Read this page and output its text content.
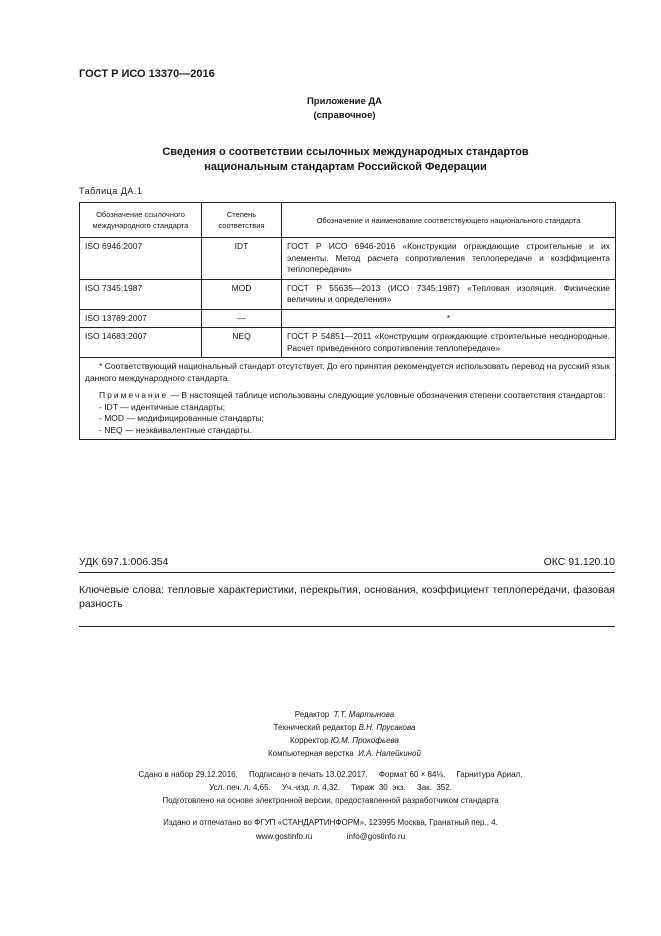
ГОСТ Р ИСО 13370—2016
Приложение ДА
(справочное)
Сведения о соответствии ссылочных международных стандартов
национальным стандартам Российской Федерации
Таблица ДА.1
Обозначение ссылочного международного стандарта	Степень соответствия	Обозначение и наименование соответствующего национального стандарта
ISO 6946:2007	IDT	ГОСТ Р ИСО 6946-2016 «Конструкции ограждающие строительные и их элементы. Метод расчета сопротивления теплопередаче и коэффициента теплопередачи»
ISO 7345:1987	MOD	ГОСТ Р 55635—2013 (ИСО 7345:1987) «Тепловая изоляция. Физические величины и определения»
ISO 13789:2007	—	*
ISO 14683:2007	NEQ	ГОСТ Р 54851—2011 «Конструкции ограждающие строительные неоднородные. Расчет приведенного сопротивления теплопередаче»

* Соответствующий национальный стандарт отсутствует. До его принятия рекомендуется использовать перевод на русский язык данного международного стандарта.

Примечание — В настоящей таблице использованы следующие условные обозначения степени соответствия стандартов:

- IDT — идентичные стандарты;

- MOD — модифицированные стандарты;

- NEQ — неэквивалентные стандарты.		

УДК 697.1:006.354	ОКС 91.120.10
Ключевые слова: тепловые характеристики, перекрытия, основания, коэффициент теплопередачи, фазовая разность
Редактор Т.Т. Мартынова
Технический редактор В.Н. Прусакова
Корректор Ю.М. Прокофьева
Компьютерная верстка И.А. Налейкиной
Сдано в набор 29.12.2016.     Подписано в печать 13.02.2017.     Формат 60 × 84⅛.     Гарнитура Ариал.
Усл. печ. л. 4,65.     Уч.-изд. л. 4,32.     Тираж  30  экз.     Зак.  352.
Подготовлено на основе электронной версии, предоставленной разработчиком стандарта
Издано и отпечатано во ФГУП «СТАНДАРТИНФОРМ», 123995 Москва, Гранатный пер., 4.
www.gostinfo.ru	info@gostinfo.ru
